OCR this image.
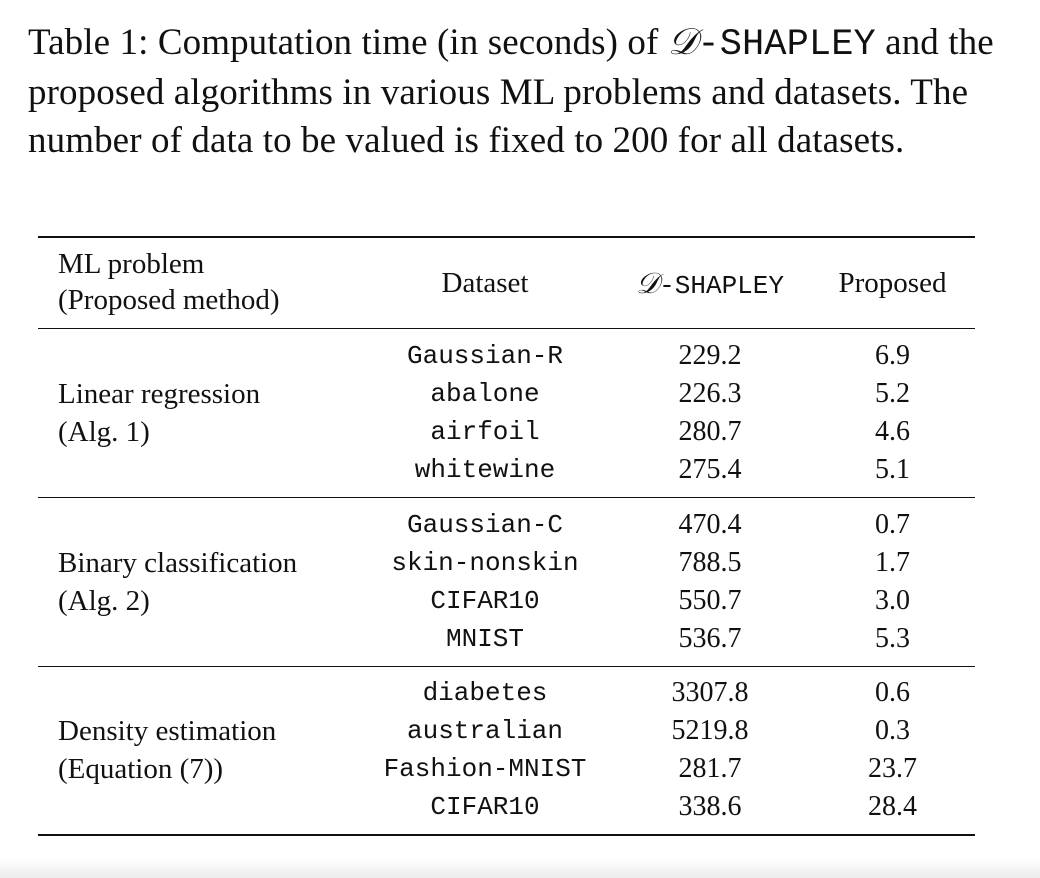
Table 1: Computation time (in seconds) of 𝒟-SHAPLEY and the proposed algorithms in various ML problems and datasets. The number of data to be valued is fixed to 200 for all datasets.
ML problem
(Proposed method)
Dataset	𝒟-SHAPLEY	Proposed
Linear regression
(Alg. 1)
Gaussian-R	229.2	6.9
abalone	226.3	5.2
airfoil	280.7	4.6
whitewine	275.4	5.1
Binary classification
(Alg. 2)
Gaussian-C	470.4	0.7
skin-nonskin	788.5	1.7
CIFAR10	550.7	3.0
MNIST	536.7	5.3
Density estimation
(Equation (7))
diabetes	3307.8	0.6
australian	5219.8	0.3
Fashion-MNIST	281.7	23.7
CIFAR10	338.6	28.4
